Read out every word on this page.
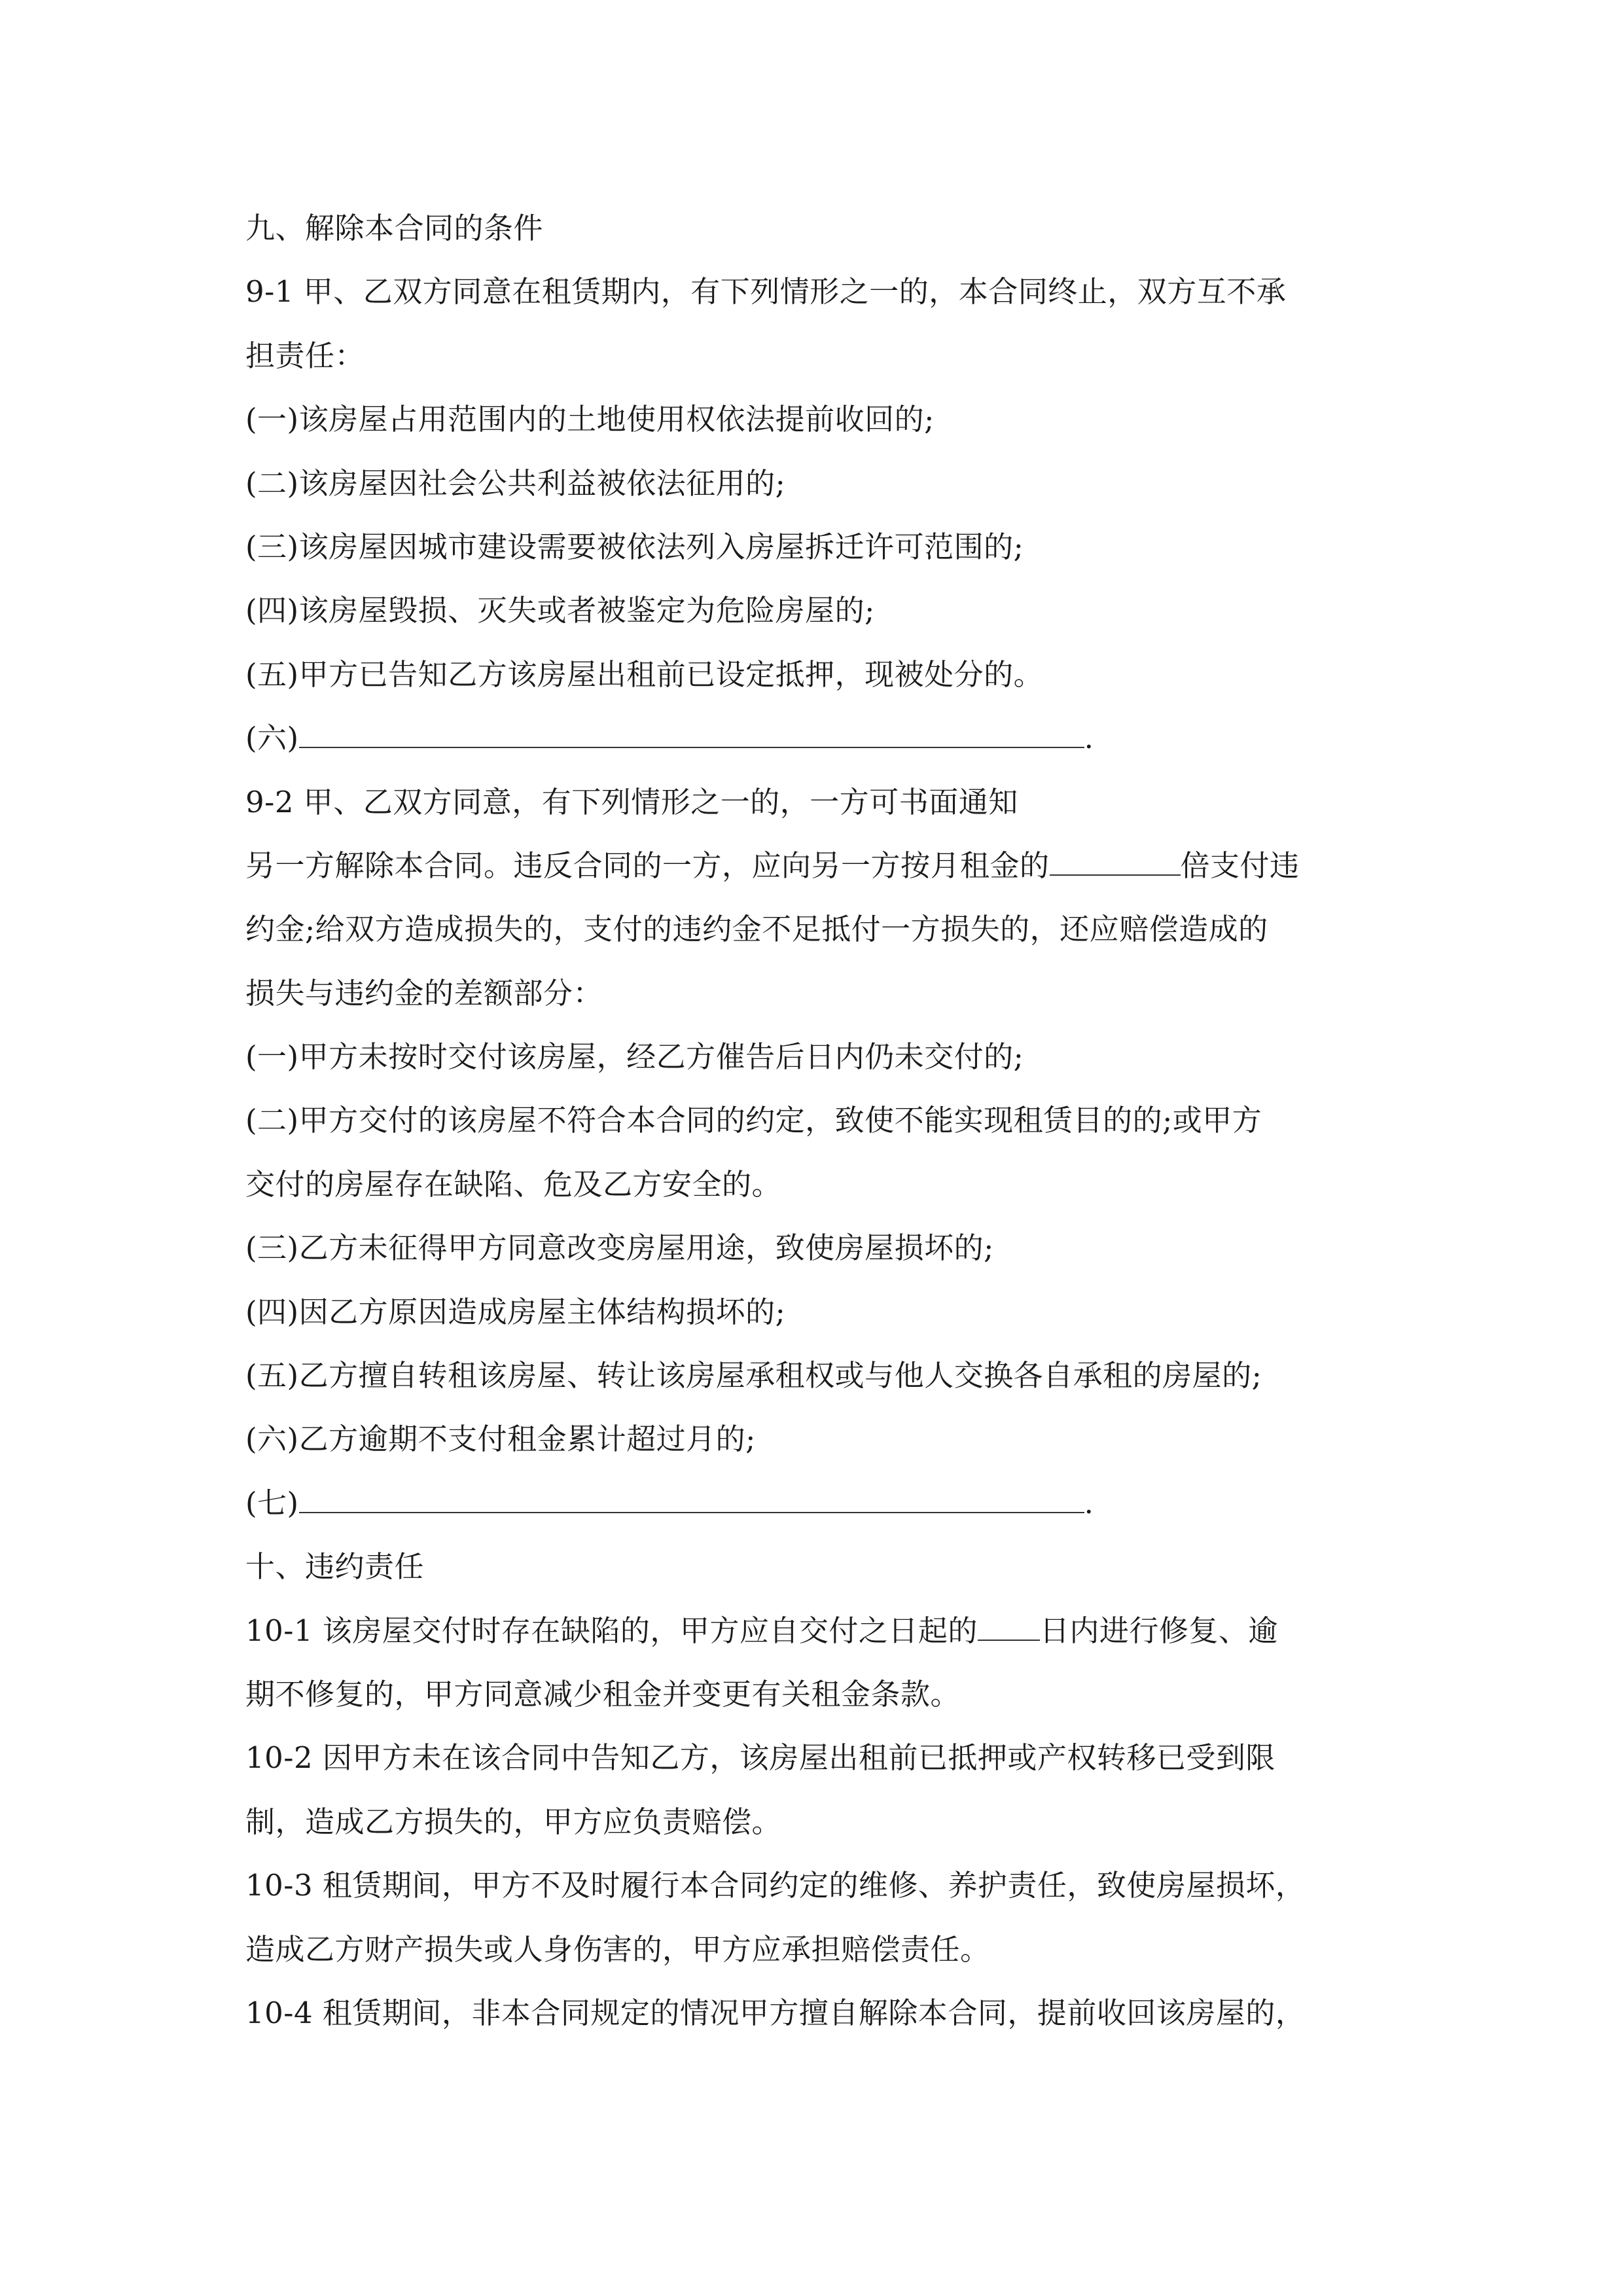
九、解除本合同的条件
9-1 甲、乙双方同意在租赁期内，有下列情形之一的，本合同终止，双方互不承
担责任：
(一)该房屋占用范围内的土地使用权依法提前收回的;
(二)该房屋因社会公共利益被依法征用的;
(三)该房屋因城市建设需要被依法列入房屋拆迁许可范围的;
(四)该房屋毁损、灭失或者被鉴定为危险房屋的;
(五)甲方已告知乙方该房屋出租前已设定抵押，现被处分的。
(六)	.
9-2 甲、乙双方同意，有下列情形之一的，一方可书面通知
另一方解除本合同。违反合同的一方，应向另一方按月租金的	倍支付违
约金;给双方造成损失的，支付的违约金不足抵付一方损失的，还应赔偿造成的
损失与违约金的差额部分：
(一)甲方未按时交付该房屋，经乙方催告后日内仍未交付的;
(二)甲方交付的该房屋不符合本合同的约定，致使不能实现租赁目的的;或甲方
交付的房屋存在缺陷、危及乙方安全的。
(三)乙方未征得甲方同意改变房屋用途，致使房屋损坏的;
(四)因乙方原因造成房屋主体结构损坏的;
(五)乙方擅自转租该房屋、转让该房屋承租权或与他人交换各自承租的房屋的;
(六)乙方逾期不支付租金累计超过月的;
(七)	.
十、违约责任
10-1 该房屋交付时存在缺陷的，甲方应自交付之日起的 日内进行修复、逾
期不修复的，甲方同意减少租金并变更有关租金条款。
10-2 因甲方未在该合同中告知乙方，该房屋出租前已抵押或产权转移已受到限
制，造成乙方损失的，甲方应负责赔偿。
10-3 租赁期间，甲方不及时履行本合同约定的维修、养护责任，致使房屋损坏，
造成乙方财产损失或人身伤害的，甲方应承担赔偿责任。
10-4 租赁期间，非本合同规定的情况甲方擅自解除本合同，提前收回该房屋的，
